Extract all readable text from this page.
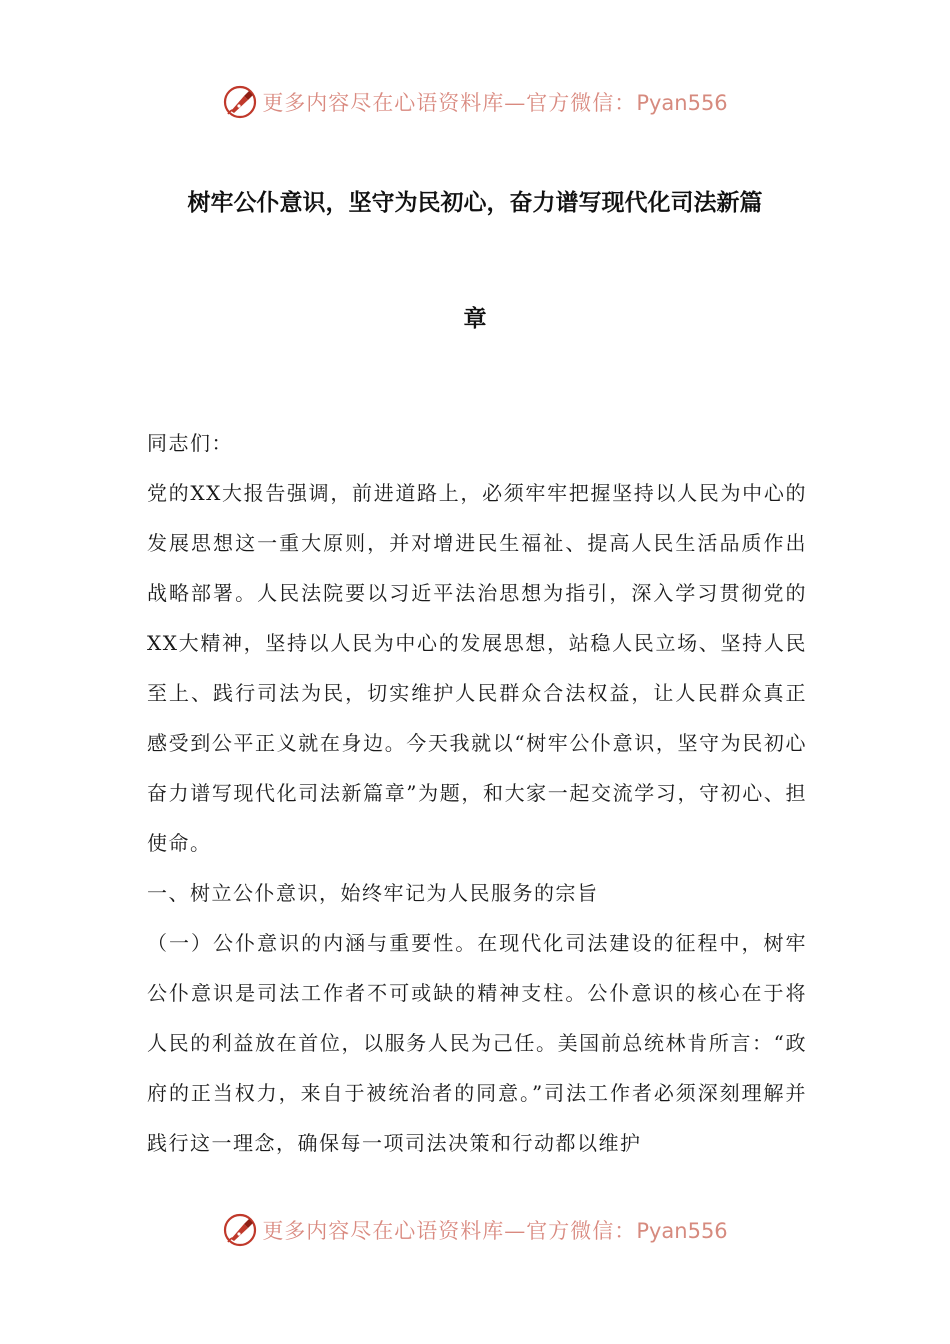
更多内容尽在心语资料库—官方微信：Pyan556
树牢公仆意识，坚守为民初心，奋力谱写现代化司法新篇
章

同志们：

党的XX大报告强调，前进道路上，必须牢牢把握坚持以人民为中心的发展思想这一重大原则，并对增进民生福祉、提高人民生活品质作出战略部署。人民法院要以习近平法治思想为指引，深入学习贯彻党的XX大精神，坚持以人民为中心的发展思想，站稳人民立场、坚持人民至上、践行司法为民，切实维护人民群众合法权益，让人民群众真正感受到公平正义就在身边。今天我就以“树牢公仆意识，坚守为民初心奋力谱写现代化司法新篇章”为题，和大家一起交流学习，守初心、担使命。

一、树立公仆意识，始终牢记为人民服务的宗旨

（一）公仆意识的内涵与重要性。在现代化司法建设的征程中，树牢公仆意识是司法工作者不可或缺的精神支柱。公仆意识的核心在于将人民的利益放在首位，以服务人民为己任。美国前总统林肯所言：“政府的正当权力，来自于被统治者的同意。”司法工作者必须深刻理解并践行这一理念，确保每一项司法决策和行动都以维护

更多内容尽在心语资料库—官方微信：Pyan556
